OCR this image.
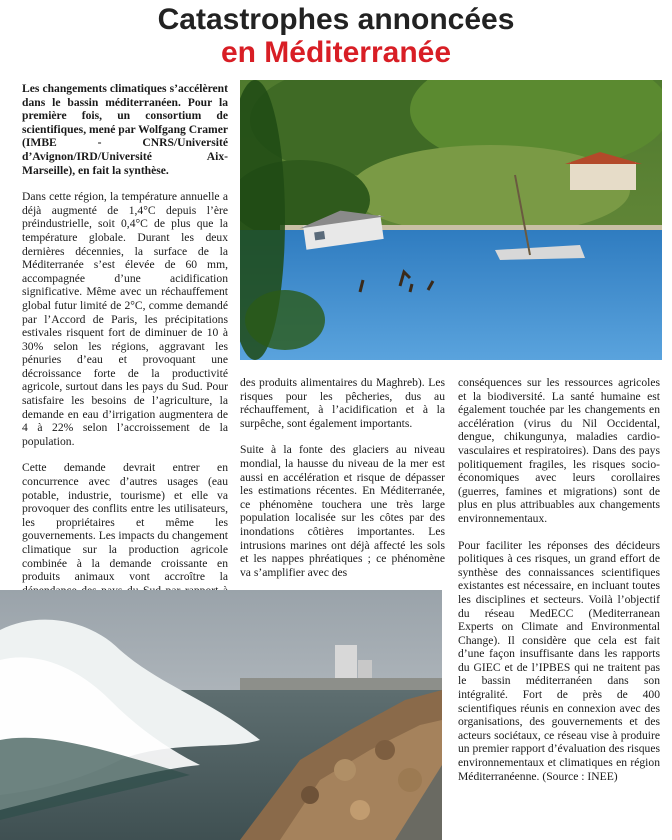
Catastrophes annoncées
en Méditerranée

Les changements climatiques s’accélèrent dans le bassin méditerranéen. Pour la première fois, un consortium de scientifiques, mené par Wolfgang Cramer (IMBE - CNRS/Université d’Avignon/IRD/Université Aix-Marseille), en fait la synthèse.

Dans cette région, la température annuelle a déjà augmenté de 1,4°C depuis l’ère préindustrielle, soit 0,4°C de plus que la température globale. Durant les deux dernières décennies, la surface de la Méditerranée s’est élevée de 60 mm, accompagnée d’une acidification significative. Même avec un réchauffement global futur limité de 2°C, comme demandé par l’Accord de Paris, les précipitations estivales risquent fort de diminuer de 10 à 30% selon les régions, aggravant les pénuries d’eau et provoquant une décroissance forte de la productivité agricole, surtout dans les pays du Sud. Pour satisfaire les besoins de l’agriculture, la demande en eau d’irrigation augmentera de 4 à 22% selon l’accroissement de la population.

Cette demande devrait entrer en concurrence avec d’autres usages (eau potable, industrie, tourisme) et elle va provoquer des conflits entre les utilisateurs, les propriétaires et même les gouvernements. Les impacts du changement climatique sur la production agricole combinée à la demande croissante en produits animaux vont accroître la

des produits alimentaires du Maghreb). Les risques pour les pêcheries, dus au réchauffement, à l’acidification et à la surpêche, sont également importants.

Suite à la fonte des glaciers au niveau mondial, la hausse du niveau de la mer est aussi en accélération et risque de dépasser les estimations récentes. En Méditerranée, ce phénomène touchera une très large population localisée sur les côtes par des inondations côtières importantes. Les intrusions marines ont déjà affecté les sols et les nappes phréatiques ; ce phénomène va s’amplifier avec des

conséquences sur les ressources agricoles et la biodiversité. La santé humaine est également touchée par les changements en accélération (virus du Nil Occidental, dengue, chikungunya, maladies cardio-vasculaires et respiratoires). Dans des pays politiquement fragiles, les risques socio-économiques avec leurs corollaires (guerres, famines et migrations) sont de plus en plus attribuables aux changements environnementaux.

Pour faciliter les réponses des décideurs politiques à ces risques, un grand effort de synthèse des connaissances scientifiques existantes est nécessaire, en incluant toutes les disciplines et secteurs. Voilà l’objectif du réseau MedECC (Mediterranean Experts on Climate and Environmental Change). Il considère que cela est fait d’une façon insuffisante dans les rapports du GIEC et de l’IPBES qui ne traitent pas le bassin méditerranéen dans son intégralité. Fort de près de 400 scientifiques réunis en connexion avec des organisations, des gouvernements et des acteurs sociétaux, ce réseau vise à produire un premier rapport d’évaluation des risques environnementaux et climatiques en région Méditerranéenne. (Source : INEE)
